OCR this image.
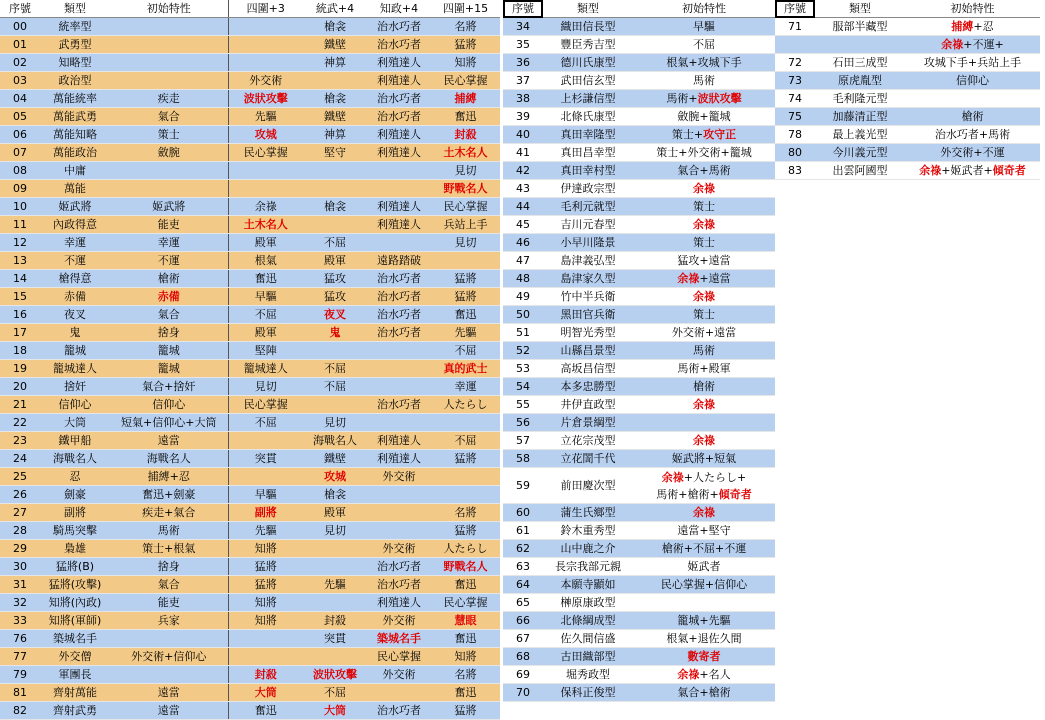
序號	類型	初始特性	四圍+3	統武+4	知政+4	四圍+15
00	統率型			槍衾	治水巧者	名將
01	武勇型			鐵壁	治水巧者	猛將
02	知略型			神算	利殖達人	知將
03	政治型		外交術		利殖達人	民心掌握
04	萬能統率	疾走	波狀攻擊	槍衾	治水巧者	捕縛
05	萬能武勇	氣合	先驅	鐵壁	治水巧者	奮迅
06	萬能知略	策士	攻城	神算	利殖達人	封殺
07	萬能政治	斂腕	民心掌握	堅守	利殖達人	土木名人
08	中庸					見切
09	萬能					野戰名人
10	姬武將	姬武將	余祿	槍衾	利殖達人	民心掌握
11	內政得意	能吏	土木名人		利殖達人	兵站上手
12	幸運	幸運	殿軍	不屈		見切
13	不運	不運	根氣	殿軍	遠路踏破	
14	槍得意	槍術	奮迅	猛攻	治水巧者	猛將
15	赤備	赤備	早驅	猛攻	治水巧者	猛將
16	夜叉	氣合	不屈	夜叉	治水巧者	奮迅
17	鬼	捨身	殿軍	鬼	治水巧者	先驅
18	籠城	籠城	堅陣			不屈
19	籠城達人	籠城	籠城達人	不屈		真的武士
20	捨奸	氣合+捨奸	見切	不屈		幸運
21	信仰心	信仰心	民心掌握		治水巧者	人たらし
22	大筒	短氣+信仰心+大筒	不屈	見切		
23	鐵甲船	遠當		海戰名人	利殖達人	不屈
24	海戰名人	海戰名人	突貫	鐵壁	利殖達人	猛將
25	忍	捕縛+忍		攻城	外交術	
26	劍豪	奮迅+劍豪	早驅	槍衾		
27	副將	疾走+氣合	副將	殿軍		名將
28	騎馬突擊	馬術	先驅	見切		猛將
29	梟雄	策士+根氣	知將		外交術	人たらし
30	猛將(B)	捨身	猛將		治水巧者	野戰名人
31	猛將(攻擊)	氣合	猛將	先驅	治水巧者	奮迅
32	知將(內政)	能吏	知將		利殖達人	民心掌握
33	知將(軍師)	兵家	知將	封殺	外交術	慧眼
76	築城名手			突貫	築城名手	奮迅
77	外交僧	外交術+信仰心			民心掌握	知將
79	軍團長		封殺	波狀攻擊	外交術	名將
81	齊射萬能	遠當	大筒	不屈		奮迅
82	齊射武勇	遠當	奮迅	大筒	治水巧者	猛將
序號	類型	初始特性
34	織田信長型	早驅

35	豐臣秀吉型	不屈

36	德川氏康型	根氣+攻城下手

37	武田信玄型	馬術

38	上杉謙信型	馬術+波狀攻擊

39	北條氏康型	斂腕+籠城

40	真田幸隆型	策士+攻守正

41	真田昌幸型	策士+外交術+籠城

42	真田幸村型	氣合+馬術

43	伊達政宗型	余祿

44	毛利元就型	策士

45	吉川元春型	余祿

46	小早川隆景	策士

47	島津義弘型	猛攻+遠當

48	島津家久型	余祿+遠當

49	竹中半兵衛	余祿

50	黑田官兵衛	策士

51	明智光秀型	外交術+遠當

52	山縣昌景型	馬術

53	高坂昌信型	馬術+殿軍

54	本多忠勝型	槍術

55	井伊直政型	余祿

56	片倉景綱型	

57	立花宗茂型	余祿

58	立花誾千代	姬武將+短氣

59	前田慶次型	余祿+人たらし+
馬術+槍術+傾奇者

60	蒲生氏鄉型	余祿

61	鈴木重秀型	遠當+堅守

62	山中鹿之介	槍術+不屈+不運

63	長宗我部元親	姬武者

64	本願寺顯如	民心掌握+信仰心

65	榊原康政型	

66	北條綱成型	籠城+先驅

67	佐久間信盛	根氣+退佐久間

68	古田織部型	數寄者

69	堀秀政型	余祿+名人

70	保科正俊型	氣合+槍術
序號	類型	初始特性
71	服部半藏型	捕縛+忍

		余祿+不運+

72	石田三成型	攻城下手+兵站上手

73	原虎胤型	信仰心

74	毛利隆元型	

75	加藤清正型	槍術

78	最上義光型	治水巧者+馬術

80	今川義元型	外交術+不運

83	出雲阿國型	余祿+姬武者+傾奇者
